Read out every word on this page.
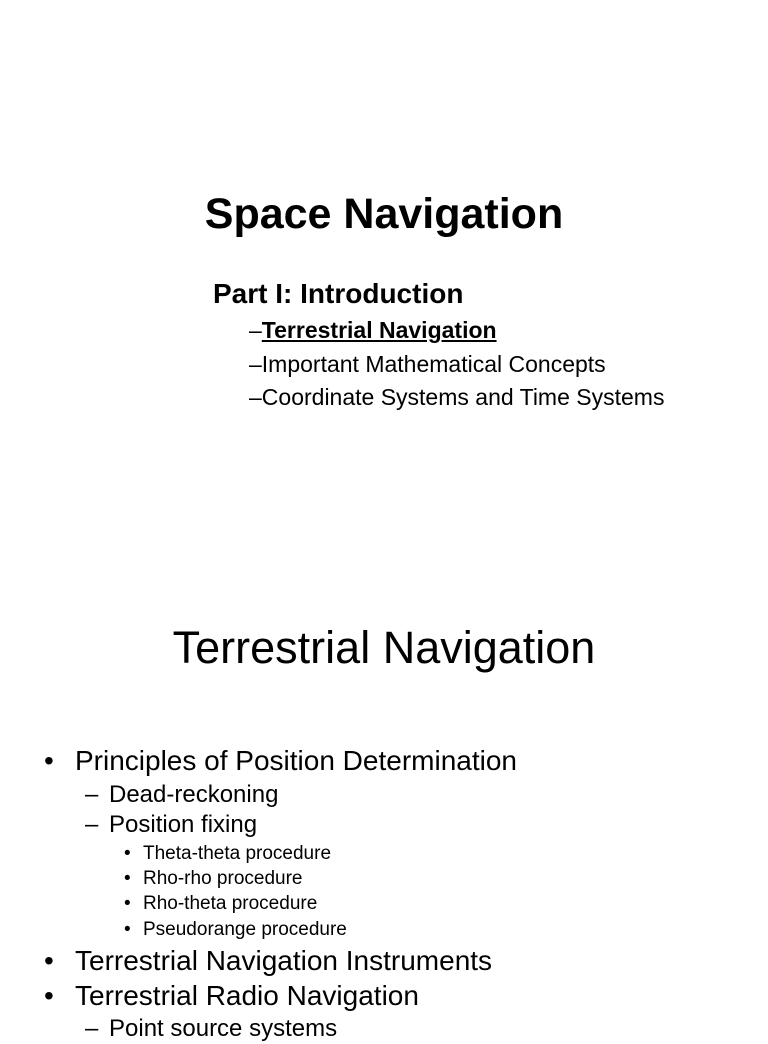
Space Navigation
Part I: Introduction
–Terrestrial Navigation
–Important Mathematical Concepts
–Coordinate Systems and Time Systems
Terrestrial Navigation
• Principles of Position Determination
– Dead-reckoning
– Position fixing
• Theta-theta procedure
• Rho-rho procedure
• Rho-theta procedure
• Pseudorange procedure
• Terrestrial Navigation Instruments
• Terrestrial Radio Navigation
– Point source systems
